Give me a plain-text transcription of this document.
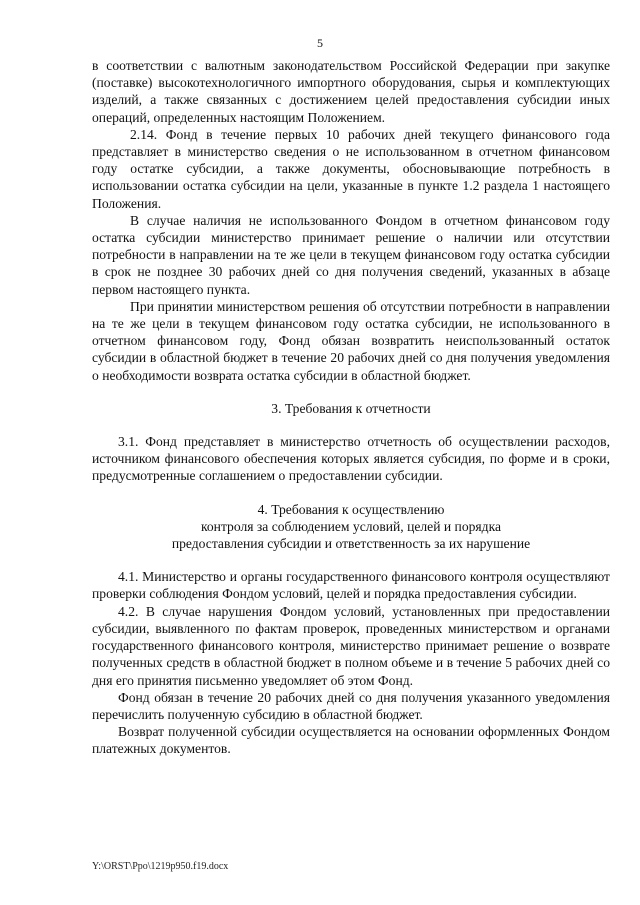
5

в соответствии с валютным законодательством Российской Федерации при закупке (поставке) высокотехнологичного импортного оборудования, сырья и комплектующих изделий, а также связанных с достижением целей предоставления субсидии иных операций, определенных настоящим Положением.

2.14. Фонд в течение первых 10 рабочих дней текущего финансового года представляет в министерство сведения о не использованном в отчетном финансовом году остатке субсидии, а также документы, обосновывающие потребность в использовании остатка субсидии на цели, указанные в пункте 1.2 раздела 1 настоящего Положения.

В случае наличия не использованного Фондом в отчетном финансовом году остатка субсидии министерство принимает решение о наличии или отсутствии потребности в направлении на те же цели в текущем финансовом году остатка субсидии в срок не позднее 30 рабочих дней со дня получения сведений, указанных в абзаце первом настоящего пункта.

При принятии министерством решения об отсутствии потребности в направлении на те же цели в текущем финансовом году остатка субсидии, не использованного в отчетном финансовом году, Фонд обязан возвратить неиспользованный остаток субсидии в областной бюджет в течение 20 рабочих дней со дня получения уведомления о необходимости возврата остатка субсидии в областной бюджет.

3. Требования к отчетности

3.1. Фонд представляет в министерство отчетность об осуществлении расходов, источником финансового обеспечения которых является субсидия, по форме и в сроки, предусмотренные соглашением о предоставлении субсидии.

4. Требования к осуществлению

контроля за соблюдением условий, целей и порядка

предоставления субсидии и ответственность за их нарушение

4.1. Министерство и органы государственного финансового контроля осуществляют проверки соблюдения Фондом условий, целей и порядка предоставления субсидии.

4.2. В случае нарушения Фондом условий, установленных при предоставлении субсидии, выявленного по фактам проверок, проведенных министерством и органами государственного финансового контроля, министерство принимает решение о возврате полученных средств в областной бюджет в полном объеме и в течение 5 рабочих дней со дня его принятия письменно уведомляет об этом Фонд.

Фонд обязан в течение 20 рабочих дней со дня получения указанного уведомления перечислить полученную субсидию в областной бюджет.

Возврат полученной субсидии осуществляется на основании оформленных Фондом платежных документов.

Y:\ORST\Ppo\1219p950.f19.docx
